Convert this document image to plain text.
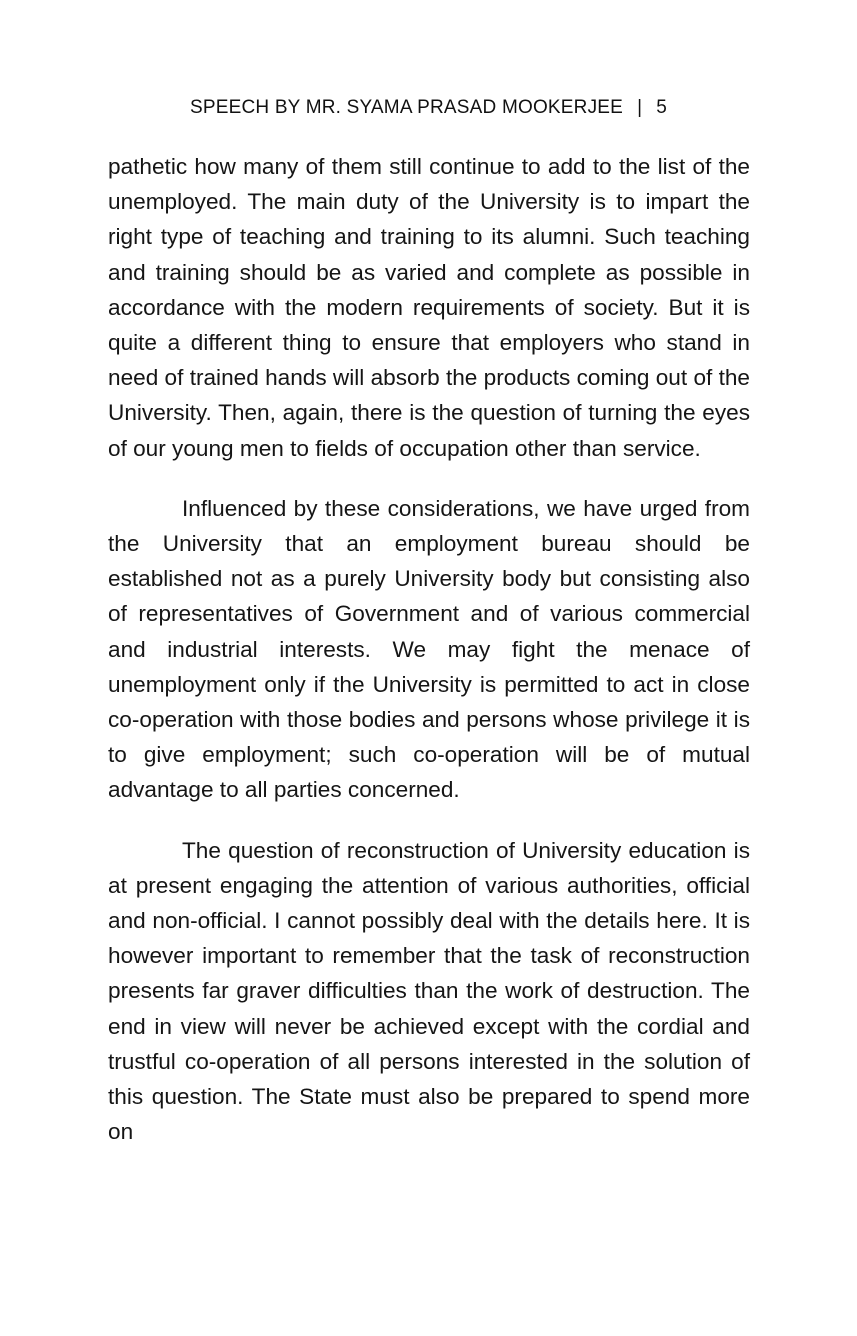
SPEECH BY MR. SYAMA PRASAD MOOKERJEE | 5

pathetic how many of them still continue to add to the list of the unemployed. The main duty of the University is to impart the right type of teaching and training to its alumni. Such teaching and training should be as varied and complete as possible in accordance with the modern requirements of society. But it is quite a different thing to ensure that employers who stand in need of trained hands will absorb the products coming out of the University. Then, again, there is the question of turning the eyes of our young men to fields of occupation other than service.

Influenced by these considerations, we have urged from the University that an employment bureau should be established not as a purely University body but consisting also of representatives of Government and of various commercial and industrial interests. We may fight the menace of unemployment only if the University is permitted to act in close co-operation with those bodies and persons whose privilege it is to give employment; such co-operation will be of mutual advantage to all parties concerned.

The question of reconstruction of University education is at present engaging the attention of various authorities, official and non-official. I cannot possibly deal with the details here. It is however important to remember that the task of reconstruction presents far graver difficulties than the work of destruction. The end in view will never be achieved except with the cordial and trustful co-operation of all persons interested in the solution of this question. The State must also be prepared to spend more on
